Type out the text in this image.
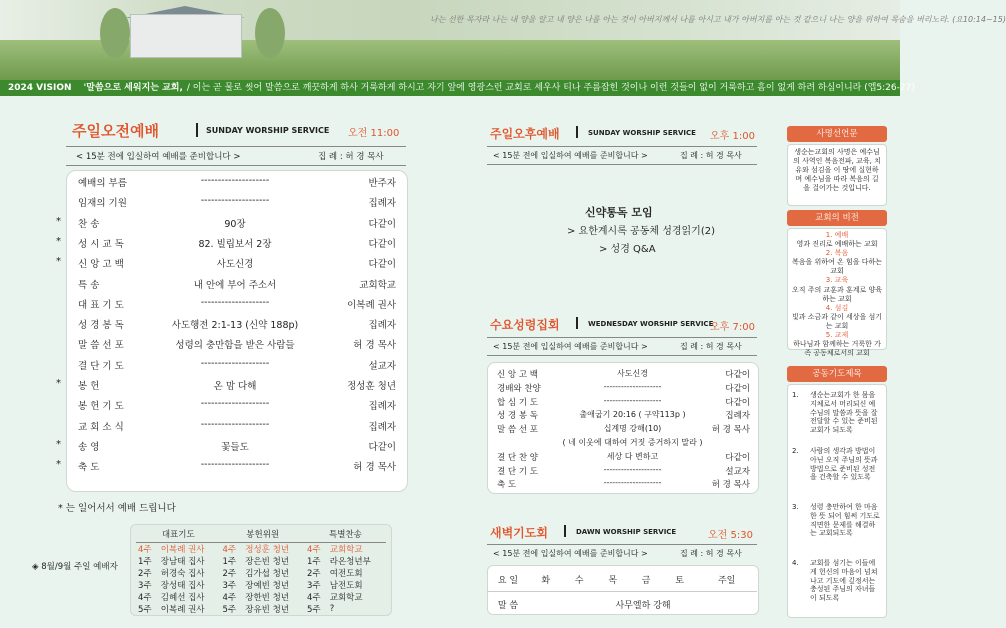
나는 선한 목자라 나는 내 양을 알고 내 양은 나를 아는 것이 아버지께서 나를 아시고 내가 아버지를 아는 것 같으니 나는 양을 위하여 목숨을 버리노라. (요10:14~15)
2024 VISION '말씀으로 세워지는 교회, / 이는 곧 물로 씻어 말씀으로 깨끗하게 하사 거룩하게 하시고 자기 앞에 영광스런 교회로 세우사 티나 주름잡힌 것이나 이런 것들이 없이 거룩하고 흠이 없게 하려 하심이니라 (엡5:26-27)
주일오전예배	SUNDAY WORSHIP SERVICE 오전 11:00
< 15분 전에 입실하여 예배를 준비합니다 >	집 례 : 허 경 목사
예배의 부름	--------------------	반주자
임재의 기원	--------------------	집례자
* 찬 송	90장	다같이
* 성 시 교 독	82. 빌립보서 2장	다같이
* 신 앙 고 백	사도신경	다같이
특 송	내 안에 부어 주소서	교회학교
대 표 기 도	--------------------	이복례 권사
성 경 봉 독	사도행전 2:1-13 (신약 188p)	집례자
말 씀 선 포	성령의 충만함을 받은 사람들	허 경 목사
결 단 기 도	--------------------	설교자
* 봉 헌	온 맘 다해	정성훈 청년
봉 헌 기 도	--------------------	집례자
교 회 소 식	--------------------	집례자
* 송 영	꽃들도	다같이
* 축 도	--------------------	허 경 목사
* 는 일어서서 예배 드립니다
◈ 8월/9월 주일 예배자
대표기도		봉헌위원		특별찬송	
4주	이복례 권사	4주	정성훈 청년	4주	교회학교
1주	장남태 집사	1주	장은빈 청년	1주	라온청년부
2주	허경숙 집사	2주	김가섭 청년	2주	여전도회
3주	장성태 집사	3주	장예빈 청년	3주	남전도회
4주	김혜선 집사	4주	장한빈 청년	4주	교회학교
5주	이복례 권사	5주	장유빈 청년	5주	?
주일오후예배	SUNDAY WORSHIP SERVICE 오후 1:00
< 15분 전에 입실하여 예배를 준비합니다 >	집 례 : 허 경 목사
신약통독 모임
> 요한계시록 공동체 성경읽기(2)
> 성경 Q&A
수요성령집회	WEDNESDAY WORSHIP SERVICE
오후 7:00
< 15분 전에 입실하여 예배를 준비합니다 >	집 례 : 허 경 목사
신 앙 고 백	사도신경	다같이
경배와 찬양	--------------------	다같이
합 심 기 도	--------------------	다같이
성 경 봉 독	출애굽기 20:16 ( 구약113p )	집례자
말 씀 선 포	십계명 강해(10)	허 경 목사
( 네 이웃에 대하여 거짓 증거하지 말라 )
결 단 찬 양	세상 다 변하고	다같이
결 단 기 도	--------------------	설교자
축 도	--------------------	허 경 목사
새벽기도회	DAWN WORSHIP SERVICE	오전 5:30
< 15분 전에 입실하여 예배를 준비합니다 >	집 례 : 허 경 목사
요 일	화	수	목	금	토	주일
말 씀	사무엘하 강해					
사명선언문
생순는교회의 사명은 예수님의 사역인 복음전파, 교육, 치유와 섬김을 이 땅에 실현하며 예수님을 따라 복음의 길을 걸어가는 것입니다.
교회의 비전
1. 예배
영과 진리로 예배하는 교회
2. 복음
복음을 위하여 온 힘을 다하는 교회
3. 교육
오직 주의 교훈과 훈계로 양육하는 교회
4. 섬김
빛과 소금과 같이 세상을 섬기는 교회
5. 교제
하나님과 함께하는 거룩한 가족 공동체로서의 교회
공동기도제목
1. 생순는교회가 한 몸을 지체로서 머리되신 예수님의 말씀과 뜻을 잘 전달할 수 있는 준비된 교회가 되도록
2. 사람의 생각과 방법이 아닌 오직 주님의 뜻과 방법으로 준비된 성전을 건축할 수 있도록
3. 성령 충만하여 한 마음 한 뜻 되어 힘써 기도로 직면한 문제를 해결하는 교회되도록
4. 교회를 섬기는 이들에게 헌신의 마음이 넘쳐나고 기도에 깊정서는 충성된 주님의 자녀들이 되도록
